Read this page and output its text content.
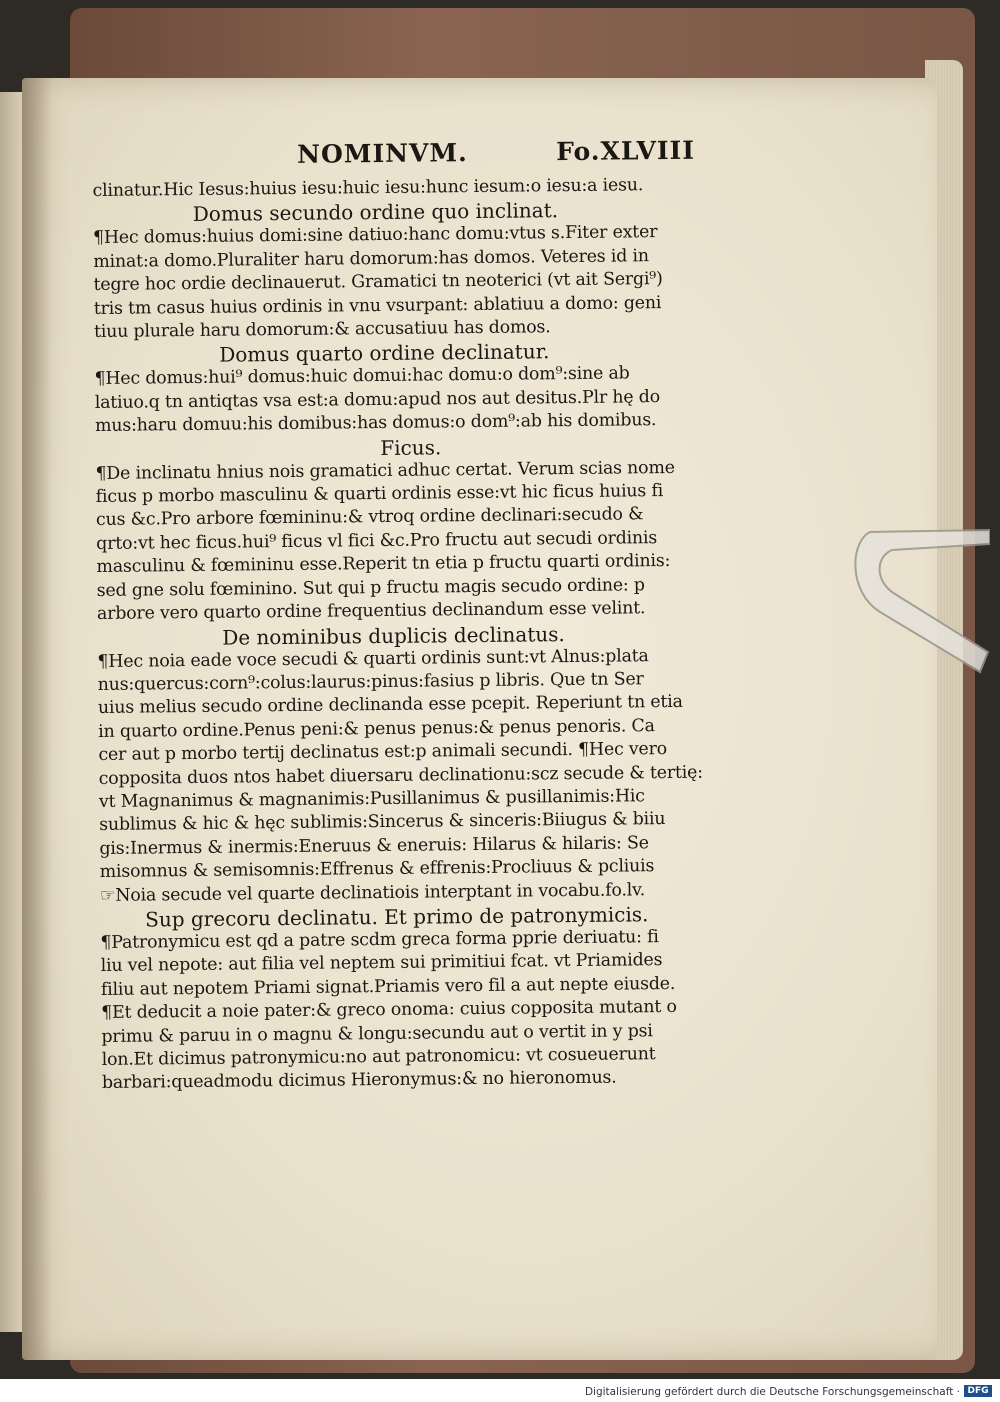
NOMINVM.	Fo.XLVIII
clinatur.Hic Iesus:huius iesu:huic iesu:hunc iesum:o iesu:a iesu.
Domus secundo ordine quo inclinat.
¶Hec domus:huius domi:sine datiuo:hanc domu:vtus s.Fiter exter
minat:a domo.Pluraliter haru domorum:has domos. Veteres id in
tegre hoc ordie declinauerut. Gramatici tn neoterici (vt ait Sergi⁹)
tris tm casus huius ordinis in vnu vsurpant: ablatiuu a domo: geni
tiuu plurale haru domorum:& accusatiuu has domos.
Domus quarto ordine declinatur.
¶Hec domus:hui⁹ domus:huic domui:hac domu:o dom⁹:sine ab
latiuo.q tn antiqtas vsa est:a domu:apud nos aut desitus.Plr hę do
mus:haru domuu:his domibus:has domus:o dom⁹:ab his domibus.
Ficus.
¶De inclinatu hnius nois gramatici adhuc certat. Verum scias nome
ficus p morbo masculinu & quarti ordinis esse:vt hic ficus huius fi
cus &c.Pro arbore fœmininu:& vtroq ordine declinari:secudo &
qrto:vt hec ficus.hui⁹ ficus vl fici &c.Pro fructu aut secudi ordinis
masculinu & fœmininu esse.Reperit tn etia p fructu quarti ordinis:
sed gne solu fœminino. Sut qui p fructu magis secudo ordine: p
arbore vero quarto ordine frequentius declinandum esse velint.
De nominibus duplicis declinatus.
¶Hec noia eade voce secudi & quarti ordinis sunt:vt Alnus:plata
nus:quercus:corn⁹:colus:laurus:pinus:fasius p libris. Que tn Ser
uius melius secudo ordine declinanda esse pcepit. Reperiunt tn etia
in quarto ordine.Penus peni:& penus penus:& penus penoris. Ca
cer aut p morbo tertij declinatus est:p animali secundi. ¶Hec vero
copposita duos ntos habet diuersaru declinationu:scz secude & tertię:
vt Magnanimus & magnanimis:Pusillanimus & pusillanimis:Hic
sublimus & hic & hęc sublimis:Sincerus & sinceris:Biiugus & biiu
gis:Inermus & inermis:Eneruus & eneruis: Hilarus & hilaris: Se
misomnus & semisomnis:Effrenus & effrenis:Procliuus & pcliuis
☞Noia secude vel quarte declinatiois interptant in vocabu.fo.lv.
Sup grecoru declinatu. Et primo de patronymicis.
¶Patronymicu est qd a patre scdm greca forma pprie deriuatu: fi
liu vel nepote: aut filia vel neptem sui primitiui fcat. vt Priamides
filiu aut nepotem Priami signat.Priamis vero fil a aut nepte eiusde.
¶Et deducit a noie pater:& greco onoma: cuius copposita mutant o
primu & paruu in o magnu & longu:secundu aut o vertit in y psi
lon.Et dicimus patronymicu:no aut patronomicu: vt cosueuerunt
barbari:queadmodu dicimus Hieronymus:& no hieronomus.
Digitalisierung gefördert durch die Deutsche Forschungsgemeinschaft · DFG
